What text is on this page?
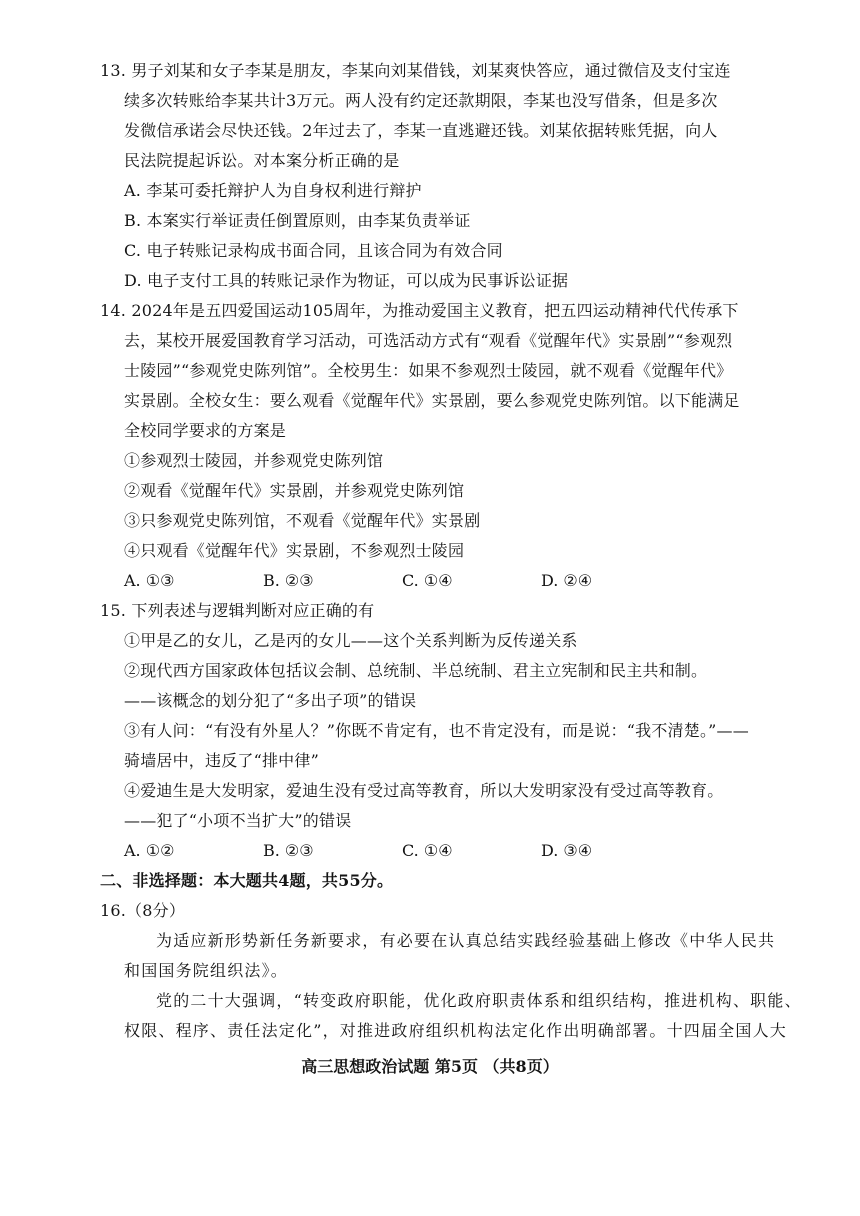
13. 男子刘某和女子李某是朋友，李某向刘某借钱，刘某爽快答应，通过微信及支付宝连
续多次转账给李某共计3万元。两人没有约定还款期限，李某也没写借条，但是多次
发微信承诺会尽快还钱。2年过去了，李某一直逃避还钱。刘某依据转账凭据，向人
民法院提起诉讼。对本案分析正确的是
A. 李某可委托辩护人为自身权利进行辩护
B. 本案实行举证责任倒置原则，由李某负责举证
C. 电子转账记录构成书面合同，且该合同为有效合同
D. 电子支付工具的转账记录作为物证，可以成为民事诉讼证据
14. 2024年是五四爱国运动105周年，为推动爱国主义教育，把五四运动精神代代传承下
去，某校开展爱国教育学习活动，可选活动方式有“观看《觉醒年代》实景剧”“参观烈
士陵园”“参观党史陈列馆”。全校男生：如果不参观烈士陵园，就不观看《觉醒年代》
实景剧。全校女生：要么观看《觉醒年代》实景剧，要么参观党史陈列馆。以下能满足
全校同学要求的方案是
①参观烈士陵园，并参观党史陈列馆
②观看《觉醒年代》实景剧，并参观党史陈列馆
③只参观党史陈列馆，不观看《觉醒年代》实景剧
④只观看《觉醒年代》实景剧，不参观烈士陵园
A. ①③	B. ②③	C. ①④	D. ②④
15. 下列表述与逻辑判断对应正确的有
①甲是乙的女儿，乙是丙的女儿——这个关系判断为反传递关系
②现代西方国家政体包括议会制、总统制、半总统制、君主立宪制和民主共和制。
——该概念的划分犯了“多出子项”的错误
③有人问：“有没有外星人？”你既不肯定有，也不肯定没有，而是说：“我不清楚。”——
骑墙居中，违反了“排中律”
④爱迪生是大发明家，爱迪生没有受过高等教育，所以大发明家没有受过高等教育。
——犯了“小项不当扩大”的错误
A. ①②	B. ②③	C. ①④	D. ③④
二、非选择题：本大题共4题，共55分。
16.（8分）
为适应新形势新任务新要求，有必要在认真总结实践经验基础上修改《中华人民共
和国国务院组织法》。
党的二十大强调，“转变政府职能，优化政府职责体系和组织结构，推进机构、职能、
权限、程序、责任法定化”，对推进政府组织机构法定化作出明确部署。十四届全国人大
高三思想政治试题 第5页 （共8页）
